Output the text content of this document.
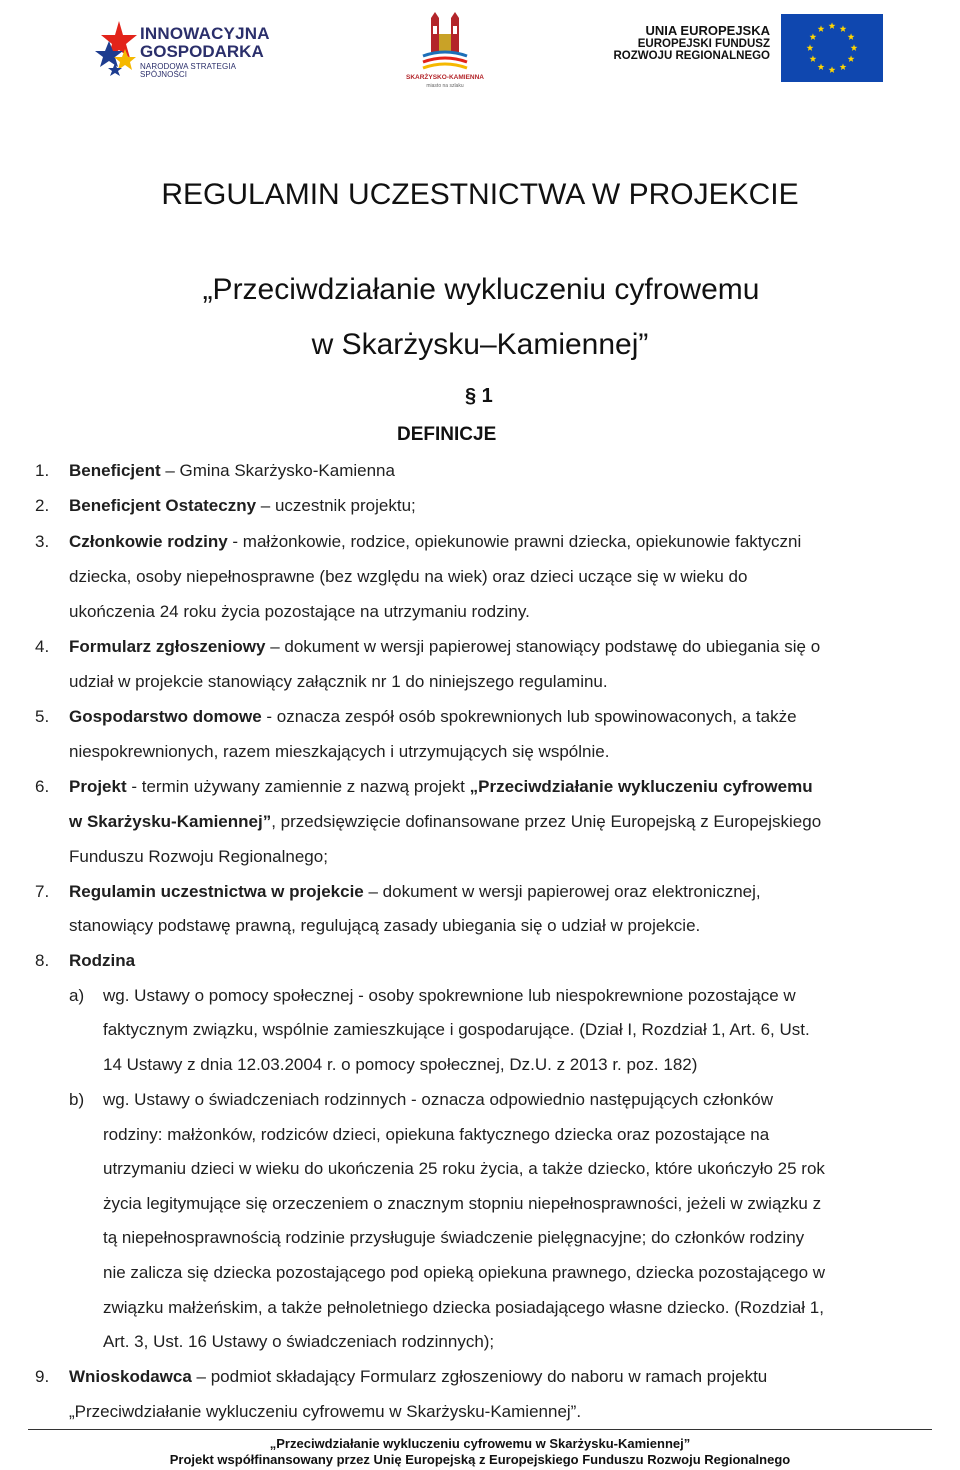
INNOWACYJNA
GOSPODARKA
NARODOWA STRATEGIA SPÓJNOŚCI	SKARŻYSKO-KAMIENNA
miasto na szlaku
UNIA EUROPEJSKA
EUROPEJSKI FUNDUSZ
ROZWOJU REGIONALNEGO
REGULAMIN UCZESTNICTWA W PROJEKCIE
„Przeciwdziałanie wykluczeniu cyfrowemu
w Skarżysku–Kamiennej”
§ 1
DEFINICJE
1. Beneficjent – Gmina Skarżysko-Kamienna
2. Beneficjent Ostateczny – uczestnik projektu;
3. Członkowie rodziny - małżonkowie, rodzice, opiekunowie prawni dziecka, opiekunowie faktyczni
dziecka, osoby niepełnosprawne (bez względu na wiek) oraz dzieci uczące się w wieku do
ukończenia 24 roku życia pozostające na utrzymaniu rodziny.
4. Formularz zgłoszeniowy – dokument w wersji papierowej stanowiący podstawę do ubiegania się o
udział w projekcie stanowiący załącznik nr 1 do niniejszego regulaminu.
5. Gospodarstwo domowe - oznacza zespół osób spokrewnionych lub spowinowaconych, a także
niespokrewnionych, razem mieszkających i utrzymujących się wspólnie.
6. Projekt - termin używany zamiennie z nazwą projekt „Przeciwdziałanie wykluczeniu cyfrowemu
w Skarżysku-Kamiennej”, przedsięwzięcie dofinansowane przez Unię Europejską z Europejskiego
Funduszu Rozwoju Regionalnego;
7. Regulamin uczestnictwa w projekcie – dokument w wersji papierowej oraz elektronicznej,
stanowiący podstawę prawną, regulującą zasady ubiegania się o udział w projekcie.
8. Rodzina
a) wg. Ustawy o pomocy społecznej - osoby spokrewnione lub niespokrewnione pozostające w
faktycznym związku, wspólnie zamieszkujące i gospodarujące. (Dział I, Rozdział 1, Art. 6, Ust.
14 Ustawy z dnia 12.03.2004 r. o pomocy społecznej, Dz.U. z 2013 r. poz. 182)
b) wg. Ustawy o świadczeniach rodzinnych - oznacza odpowiednio następujących członków
rodziny: małżonków, rodziców dzieci, opiekuna faktycznego dziecka oraz pozostające na
utrzymaniu dzieci w wieku do ukończenia 25 roku życia, a także dziecko, które ukończyło 25 rok
życia legitymujące się orzeczeniem o znacznym stopniu niepełnosprawności, jeżeli w związku z
tą niepełnosprawnością rodzinie przysługuje świadczenie pielęgnacyjne; do członków rodziny
nie zalicza się dziecka pozostającego pod opieką opiekuna prawnego, dziecka pozostającego w
związku małżeńskim, a także pełnoletniego dziecka posiadającego własne dziecko. (Rozdział 1,
Art. 3, Ust. 16 Ustawy o świadczeniach rodzinnych);
9. Wnioskodawca – podmiot składający Formularz zgłoszeniowy do naboru w ramach projektu
„Przeciwdziałanie wykluczeniu cyfrowemu w Skarżysku-Kamiennej”.
„Przeciwdziałanie wykluczeniu cyfrowemu w Skarżysku-Kamiennej”
Projekt współfinansowany przez Unię Europejską z Europejskiego Funduszu Rozwoju Regionalnego
